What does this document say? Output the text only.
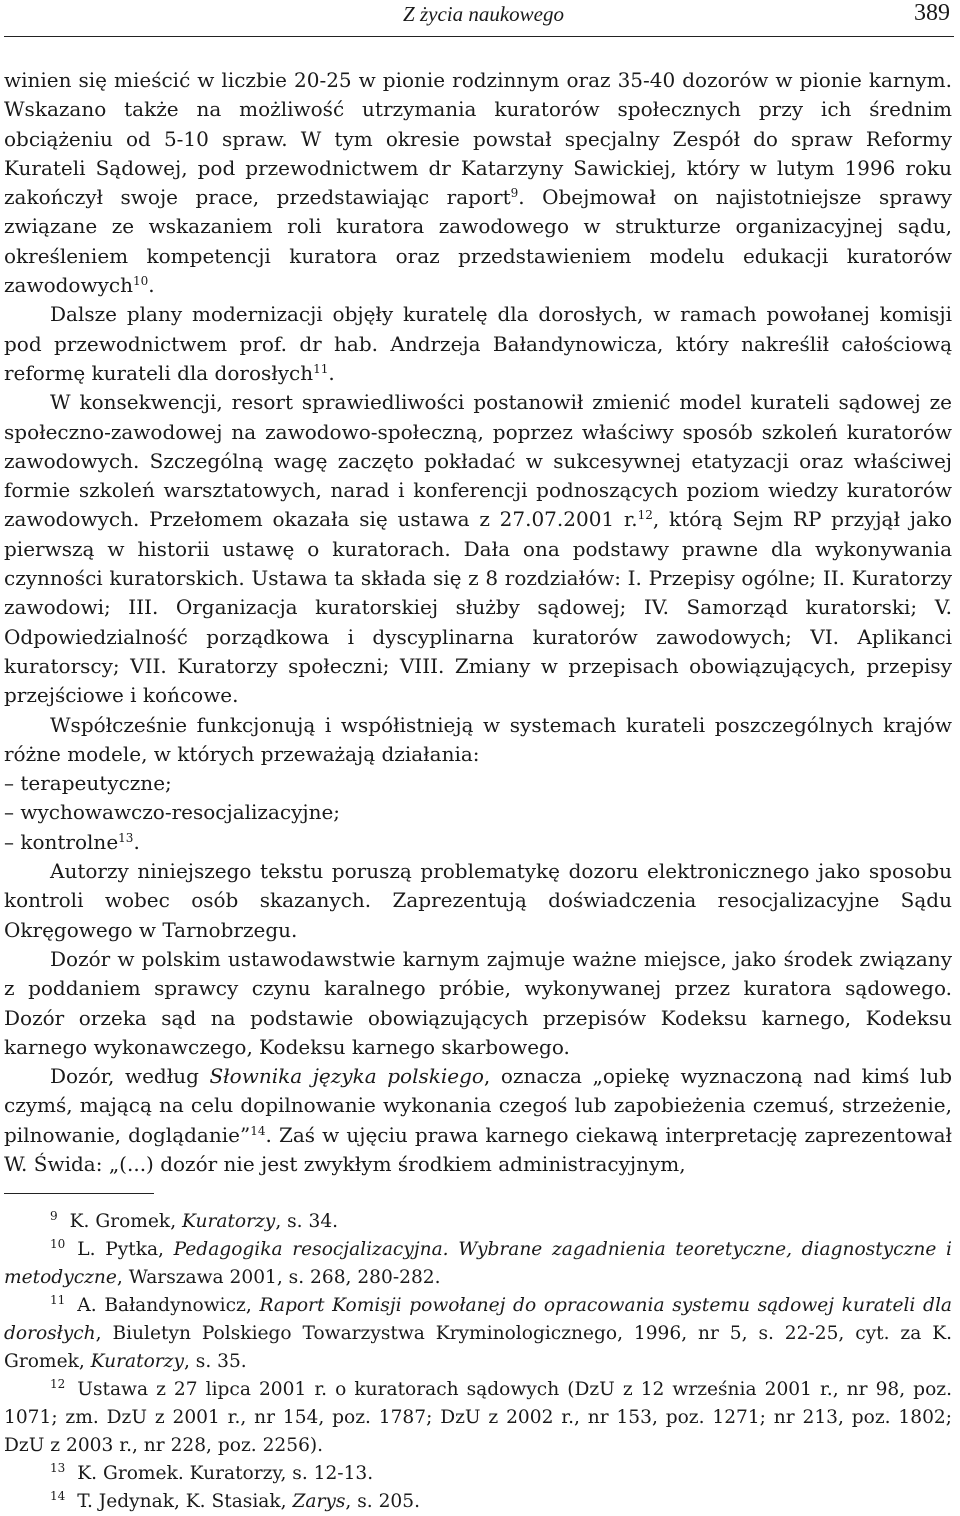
Z życia naukowego	389

winien się mieścić w liczbie 20-25 w pionie rodzinnym oraz 35-40 dozorów w pionie karnym. Wskazano także na możliwość utrzymania kuratorów społecznych przy ich średnim obciążeniu od 5-10 spraw. W tym okresie powstał specjalny Zespół do spraw Reformy Kurateli Sądowej, pod przewodnictwem dr Katarzyny Sawickiej, który w lutym 1996 roku zakończył swoje prace, przedstawiając raport$^9$. Obejmował on najistotniejsze sprawy związane ze wskazaniem roli kuratora zawodowego w strukturze organizacyjnej sądu, określeniem kompetencji kuratora oraz przedstawieniem modelu edukacji kuratorów zawodowych$^{10}$.

Dalsze plany modernizacji objęły kuratelę dla dorosłych, w ramach powołanej komisji pod przewodnictwem prof. dr hab. Andrzeja Bałandynowicza, który nakreślił całościową reformę kurateli dla dorosłych$^{11}$.

W konsekwencji, resort sprawiedliwości postanowił zmienić model kurateli sądowej ze społeczno-zawodowej na zawodowo-społeczną, poprzez właściwy sposób szkoleń kuratorów zawodowych. Szczególną wagę zaczęto pokładać w sukcesywnej etatyzacji oraz właściwej formie szkoleń warsztatowych, narad i konferencji podnoszących poziom wiedzy kuratorów zawodowych. Przełomem okazała się ustawa z 27.07.2001 r.$^{12}$, którą Sejm RP przyjął jako pierwszą w historii ustawę o kuratorach. Dała ona podstawy prawne dla wykonywania czynności kuratorskich. Ustawa ta składa się z 8 rozdziałów: I. Przepisy ogólne; II. Kuratorzy zawodowi; III. Organizacja kuratorskiej służby sądowej; IV. Samorząd kuratorski; V. Odpowiedzialność porządkowa i dyscyplinarna kuratorów zawodowych; VI. Aplikanci kuratorscy; VII. Kuratorzy społeczni; VIII. Zmiany w przepisach obowiązujących, przepisy przejściowe i końcowe.

Współcześnie funkcjonują i współistnieją w systemach kurateli poszczególnych krajów różne modele, w których przeważają działania:

– terapeutyczne;
– wychowawczo-resocjalizacyjne;
– kontrolne$^{13}$.

Autorzy niniejszego tekstu poruszą problematykę dozoru elektronicznego jako sposobu kontroli wobec osób skazanych. Zaprezentują doświadczenia resocjalizacyjne Sądu Okręgowego w Tarnobrzegu.

Dozór w polskim ustawodawstwie karnym zajmuje ważne miejsce, jako środek związany z poddaniem sprawcy czynu karalnego próbie, wykonywanej przez kuratora sądowego. Dozór orzeka sąd na podstawie obowiązujących przepisów Kodeksu karnego, Kodeksu karnego wykonawczego, Kodeksu karnego skarbowego.

Dozór, według Słownika języka polskiego, oznacza „opiekę wyznaczoną nad kimś lub czymś, mającą na celu dopilnowanie wykonania czegoś lub zapobieżenia czemuś, strzeżenie, pilnowanie, doglądanie”$^{14}$. Zaś w ujęciu prawa karnego ciekawą interpretację zaprezentował W. Świda: „(...) dozór nie jest zwykłym środkiem administracyjnym,

$^9$ K. Gromek, Kuratorzy, s. 34.

$^{10}$ L. Pytka, Pedagogika resocjalizacyjna. Wybrane zagadnienia teoretyczne, diagnostyczne i metodyczne, Warszawa 2001, s. 268, 280-282.

$^{11}$ A. Bałandynowicz, Raport Komisji powołanej do opracowania systemu sądowej kurateli dla dorosłych, Biuletyn Polskiego Towarzystwa Kryminologicznego, 1996, nr 5, s. 22-25, cyt. za K. Gromek, Kuratorzy, s. 35.

$^{12}$ Ustawa z 27 lipca 2001 r. o kuratorach sądowych (DzU z 12 września 2001 r., nr 98, poz. 1071; zm. DzU z 2001 r., nr 154, poz. 1787; DzU z 2002 r., nr 153, poz. 1271; nr 213, poz. 1802; DzU z 2003 r., nr 228, poz. 2256).

$^{13}$ K. Gromek. Kuratorzy, s. 12-13.

$^{14}$ T. Jedynak, K. Stasiak, Zarys, s. 205.
